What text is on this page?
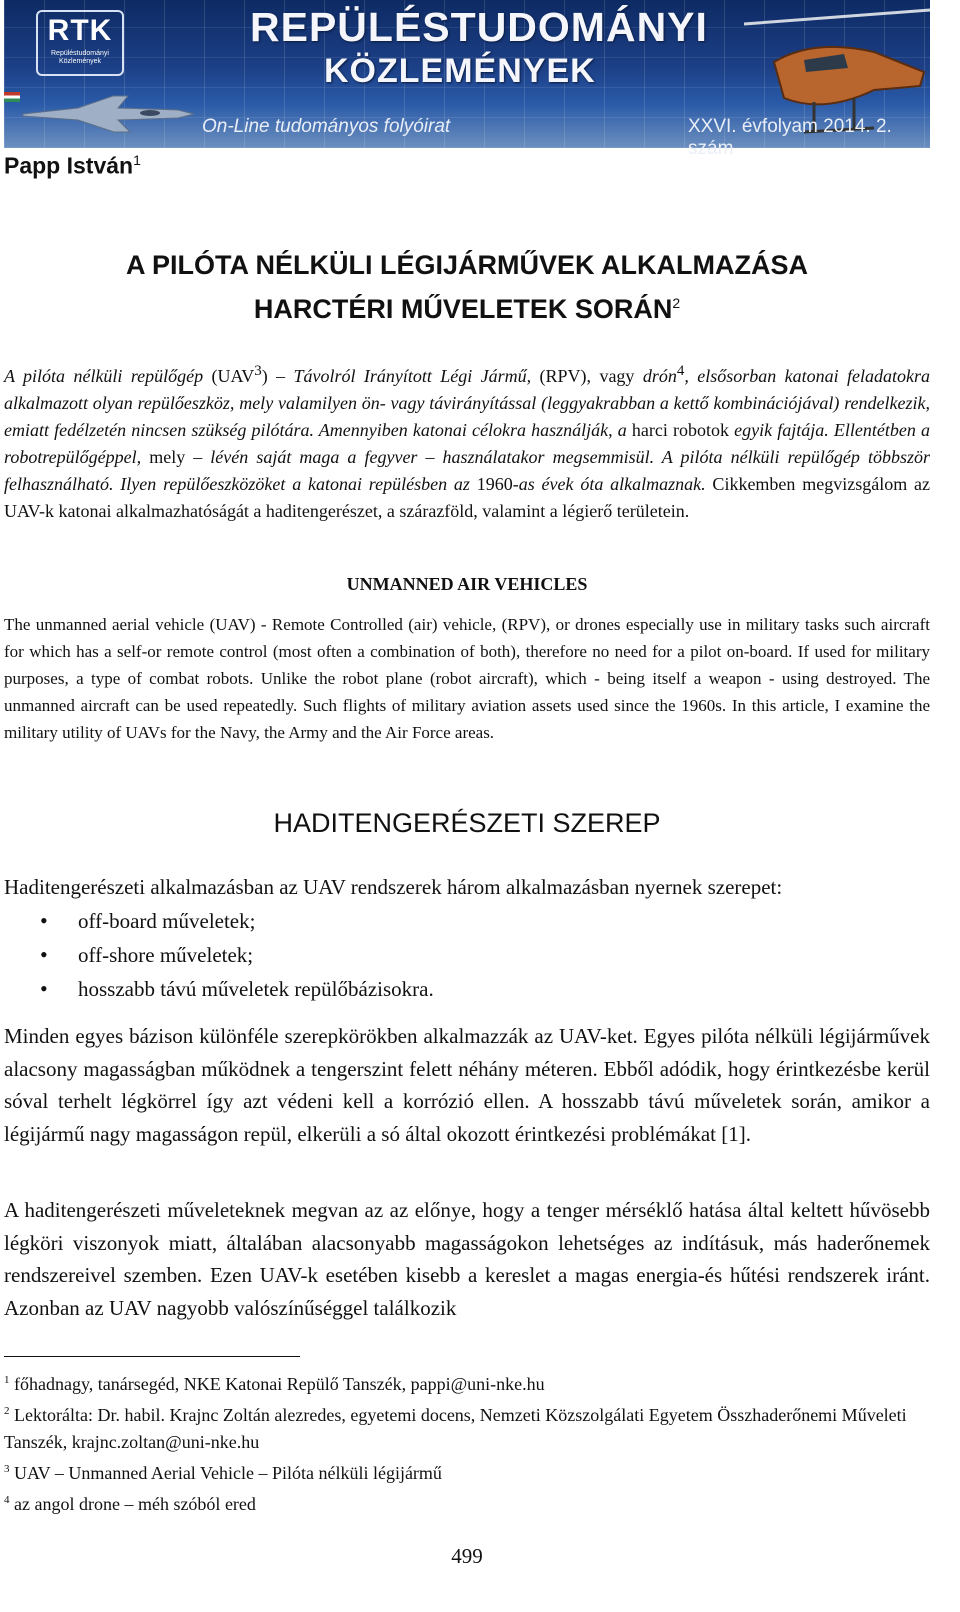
RTK
Repüléstudományi Közlemények
REPÜLÉSTUDOMÁNYI
KÖZLEMÉNYEK
On-Line tudományos folyóirat	XXVI. évfolyam 2014. 2. szám
Papp István$^1$
A PILÓTA NÉLKÜLI LÉGIJÁRMŰVEK ALKALMAZÁSA
HARCTÉRI MŰVELETEK SORÁN$^2$

A pilóta nélküli repülőgép (UAV$^3$) – Távolról Irányított Légi Jármű, (RPV), vagy drón$^4$, elsősorban katonai feladatokra alkalmazott olyan repülőeszköz, mely valamilyen ön- vagy távirányítással (leggyakrabban a kettő kombinációjával) rendelkezik, emiatt fedélzetén nincsen szükség pilótára. Amennyiben katonai célokra használják, a harci robotok egyik fajtája. Ellentétben a robotrepülőgéppel, mely – lévén saját maga a fegyver – használatakor megsemmisül. A pilóta nélküli repülőgép többször felhasználható. Ilyen repülőeszközöket a katonai repülésben az 1960-as évek óta alkalmaznak. Cikkemben megvizsgálom az UAV-k katonai alkalmazhatóságát a haditengerészet, a szárazföld, valamint a légierő területein.

UNMANNED AIR VEHICLES

The unmanned aerial vehicle (UAV) - Remote Controlled (air) vehicle, (RPV), or drones especially use in military tasks such aircraft for which has a self-or remote control (most often a combination of both), therefore no need for a pilot on-board. If used for military purposes, a type of combat robots. Unlike the robot plane (robot aircraft), which - being itself a weapon - using destroyed. The unmanned aircraft can be used repeatedly. Such flights of military aviation assets used since the 1960s. In this article, I examine the military utility of UAVs for the Navy, the Army and the Air Force areas.

HADITENGERÉSZETI SZEREP

Haditengerészeti alkalmazásban az UAV rendszerek három alkalmazásban nyernek szerepet:

• off-board műveletek;
• off-shore műveletek;
• hosszabb távú műveletek repülőbázisokra.

Minden egyes bázison különféle szerepkörökben alkalmazzák az UAV-ket. Egyes pilóta nélküli légijárművek alacsony magasságban működnek a tengerszint felett néhány méteren. Ebből adódik, hogy érintkezésbe kerül sóval terhelt légkörrel így azt védeni kell a korrózió ellen. A hosszabb távú műveletek során, amikor a légijármű nagy magasságon repül, elkerüli a só által okozott érintkezési problémákat [1].

A haditengerészeti műveleteknek megvan az az előnye, hogy a tenger mérséklő hatása által keltett hűvösebb légköri viszonyok miatt, általában alacsonyabb magasságokon lehetséges az indításuk, más haderőnemek rendszereivel szemben. Ezen UAV-k esetében kisebb a kereslet a magas energia-és hűtési rendszerek iránt. Azonban az UAV nagyobb valószínűséggel találkozik

$^1$ főhadnagy, tanársegéd, NKE Katonai Repülő Tanszék, pappi@uni-nke.hu
$^2$ Lektorálta: Dr. habil. Krajnc Zoltán alezredes, egyetemi docens, Nemzeti Közszolgálati Egyetem Összhaderőnemi Műveleti Tanszék, krajnc.zoltan@uni-nke.hu
$^3$ UAV – Unmanned Aerial Vehicle – Pilóta nélküli légijármű
$^4$ az angol drone – méh szóból ered
499
